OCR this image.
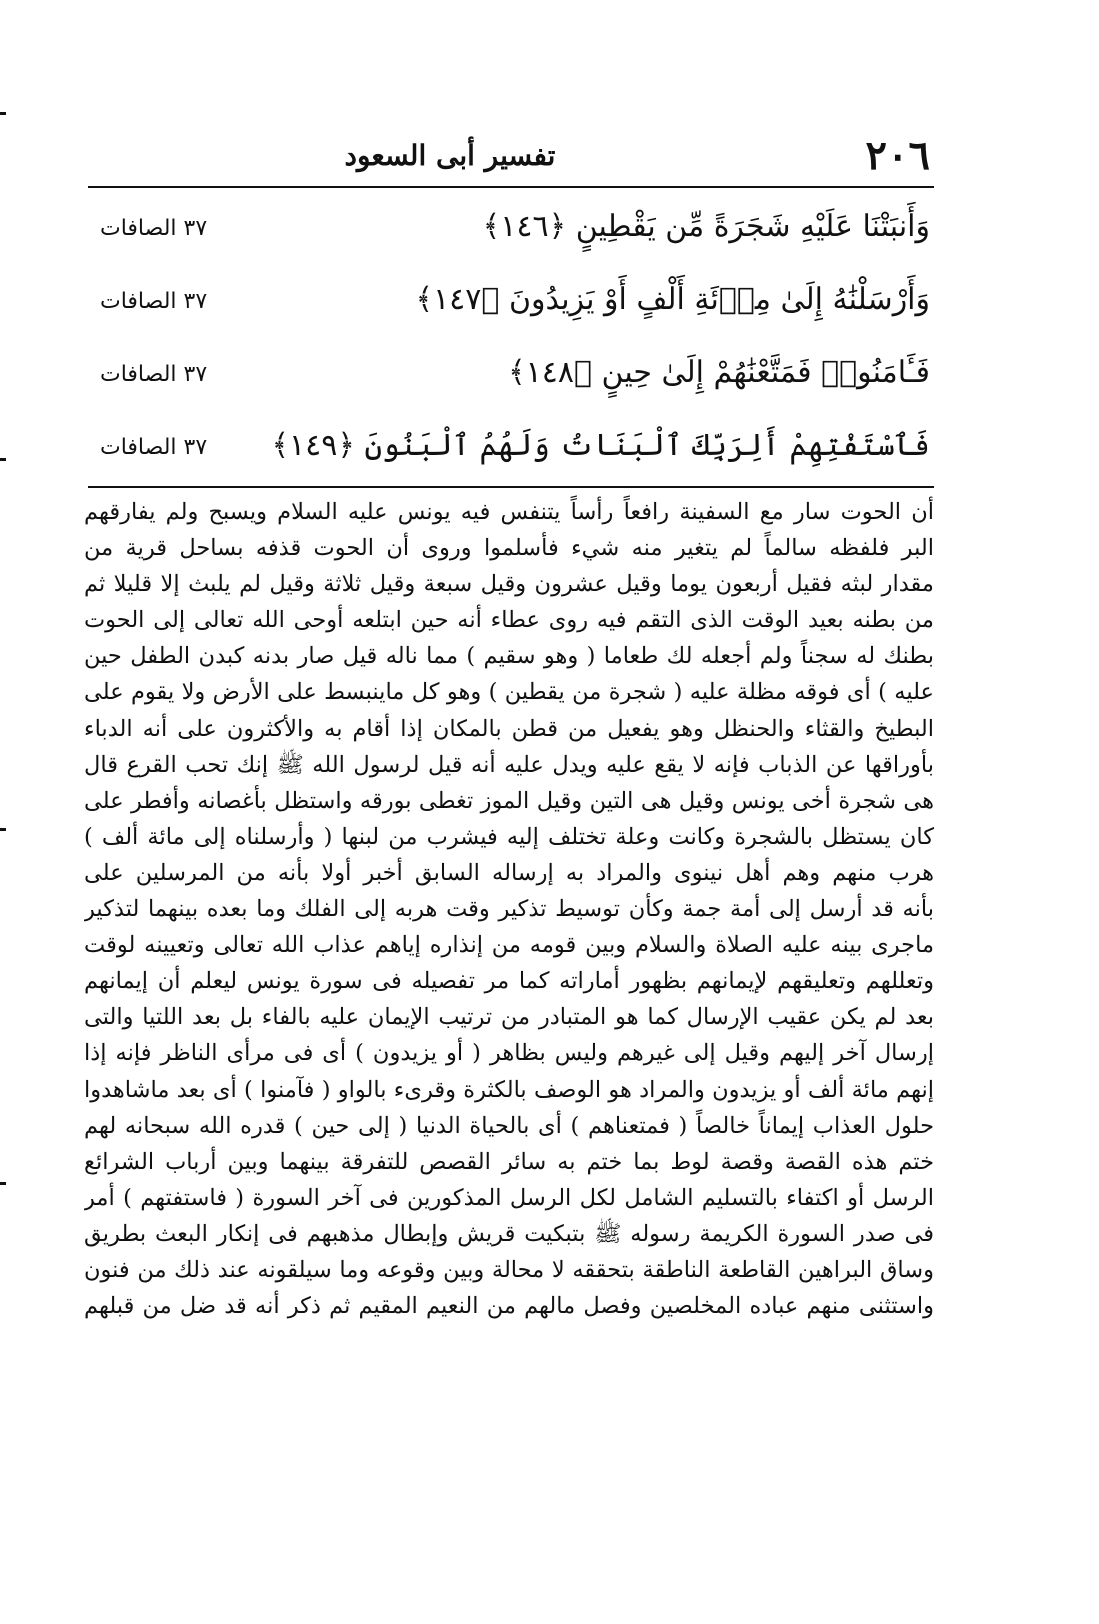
٢٠٦
تفسير أبى السعود
وَأَنبَتْنَا عَلَيْهِ شَجَرَةً مِّن يَقْطِينٍ ﴿١٤٦﴾
٣٧ الصافات
وَأَرْسَلْنَٰهُ إِلَىٰ مِا۟ئَةِ أَلْفٍ أَوْ يَزِيدُونَ ﴿١٤٧﴾
٣٧ الصافات
فَـَٔامَنُوا۟ فَمَتَّعْنَٰهُمْ إِلَىٰ حِينٍ ﴿١٤٨﴾
٣٧ الصافات
فَٱسْتَفْتِهِمْ أَلِرَبِّكَ ٱلْبَنَاتُ وَلَهُمُ ٱلْبَنُونَ ﴿١٤٩﴾
٣٧ الصافات
أن الحوت سار مع السفينة رافعاً رأساً يتنفس فيه يونس عليه السلام ويسبح ولم يفارقهم
البر فلفظه سالماً لم يتغير منه شيء فأسلموا وروى أن الحوت قذفه بساحل قرية من
مقدار لبثه فقيل أربعون يوما وقيل عشرون وقيل سبعة وقيل ثلاثة وقيل لم يلبث إلا قليلا ثم
من بطنه بعيد الوقت الذى التقم فيه روى عطاء أنه حين ابتلعه أوحى الله تعالى إلى الحوت
بطنك له سجناً ولم أجعله لك طعاما ( وهو سقيم ) مما ناله قيل صار بدنه كبدن الطفل حين
عليه ) أى فوقه مظلة عليه ( شجرة من يقطين ) وهو كل ماينبسط على الأرض ولا يقوم على
البطيخ والقثاء والحنظل وهو يفعيل من قطن بالمكان إذا أقام به والأكثرون على أنه الدباء
بأوراقها عن الذباب فإنه لا يقع عليه ويدل عليه أنه قيل لرسول الله ﷺ إنك تحب القرع قال
هى شجرة أخى يونس وقيل هى التين وقيل الموز تغطى بورقه واستظل بأغصانه وأفطر على
كان يستظل بالشجرة وكانت وعلة تختلف إليه فيشرب من لبنها ( وأرسلناه إلى مائة ألف )
هرب منهم وهم أهل نينوى والمراد به إرساله السابق أخبر أولا بأنه من المرسلين على
بأنه قد أرسل إلى أمة جمة وكأن توسيط تذكير وقت هربه إلى الفلك وما بعده بينهما لتذكير
ماجرى بينه عليه الصلاة والسلام وبين قومه من إنذاره إياهم عذاب الله تعالى وتعيينه لوقت
وتعللهم وتعليقهم لإيمانهم بظهور أماراته كما مر تفصيله فى سورة يونس ليعلم أن إيمانهم
بعد لم يكن عقيب الإرسال كما هو المتبادر من ترتيب الإيمان عليه بالفاء بل بعد اللتيا والتى
إرسال آخر إليهم وقيل إلى غيرهم وليس بظاهر ( أو يزيدون ) أى فى مرأى الناظر فإنه إذا
إنهم مائة ألف أو يزيدون والمراد هو الوصف بالكثرة وقرىء بالواو ( فآمنوا ) أى بعد ماشاهدوا
حلول العذاب إيماناً خالصاً ( فمتعناهم ) أى بالحياة الدنيا ( إلى حين ) قدره الله سبحانه لهم
ختم هذه القصة وقصة لوط بما ختم به سائر القصص للتفرقة بينهما وبين أرباب الشرائع
الرسل أو اكتفاء بالتسليم الشامل لكل الرسل المذكورين فى آخر السورة ( فاستفتهم ) أمر
فى صدر السورة الكريمة رسوله ﷺ بتبكيت قريش وإبطال مذهبهم فى إنكار البعث بطريق
وساق البراهين القاطعة الناطقة بتحققه لا محالة وبين وقوعه وما سيلقونه عند ذلك من فنون
واستثنى منهم عباده المخلصين وفصل مالهم من النعيم المقيم ثم ذكر أنه قد ضل من قبلهم
